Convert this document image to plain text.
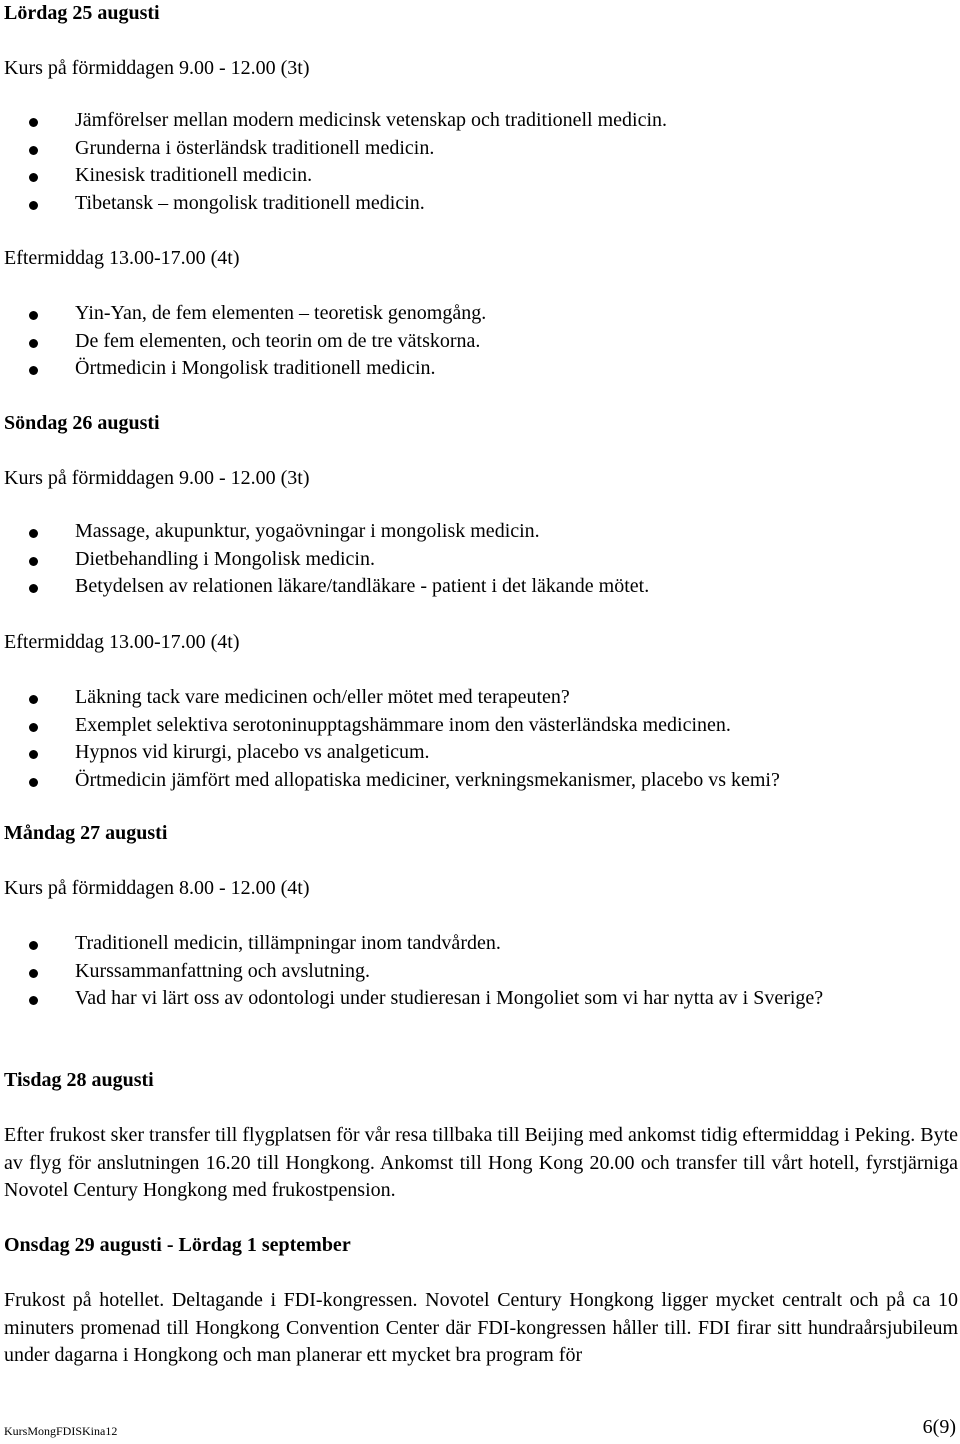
Lördag 25 augusti

Kurs på förmiddagen 9.00 - 12.00 (3t)

Jämförelser mellan modern medicinsk vetenskap och traditionell medicin.
Grunderna i österländsk traditionell medicin.
Kinesisk traditionell medicin.
Tibetansk – mongolisk traditionell medicin.

Eftermiddag 13.00-17.00 (4t)

Yin-Yan, de fem elementen – teoretisk genomgång.
De fem elementen, och teorin om de tre vätskorna.
Örtmedicin i Mongolisk traditionell medicin.

Söndag 26 augusti

Kurs på förmiddagen 9.00 - 12.00 (3t)

Massage, akupunktur, yogaövningar i mongolisk medicin.
Dietbehandling i Mongolisk medicin.
Betydelsen av relationen läkare/tandläkare - patient i det läkande mötet.

Eftermiddag 13.00-17.00 (4t)

Läkning tack vare medicinen och/eller mötet med terapeuten?
Exemplet selektiva serotoninupptagshämmare inom den västerländska medicinen.
Hypnos vid kirurgi, placebo vs analgeticum.
Örtmedicin jämfört med allopatiska mediciner, verkningsmekanismer, placebo vs kemi?

Måndag 27 augusti

Kurs på förmiddagen 8.00 - 12.00 (4t)

Traditionell medicin, tillämpningar inom tandvården.
Kurssammanfattning och avslutning.
Vad har vi lärt oss av odontologi under studieresan i Mongoliet som vi har nytta av i Sverige?

Tisdag 28 augusti

Efter frukost sker transfer till flygplatsen för vår resa tillbaka till Beijing med ankomst tidig eftermiddag i Peking. Byte av flyg för anslutningen 16.20 till Hongkong. Ankomst till Hong Kong 20.00 och transfer till vårt hotell, fyrstjärniga Novotel Century Hongkong med frukostpension.

Onsdag 29 augusti - Lördag 1 september

Frukost på hotellet. Deltagande i FDI-kongressen. Novotel Century Hongkong ligger mycket centralt och på ca 10 minuters promenad till Hongkong Convention Center där FDI-kongressen håller till. FDI firar sitt hundraårsjubileum under dagarna i Hongkong och man planerar ett mycket bra program för

KursMongFDISKina12	6(9)
